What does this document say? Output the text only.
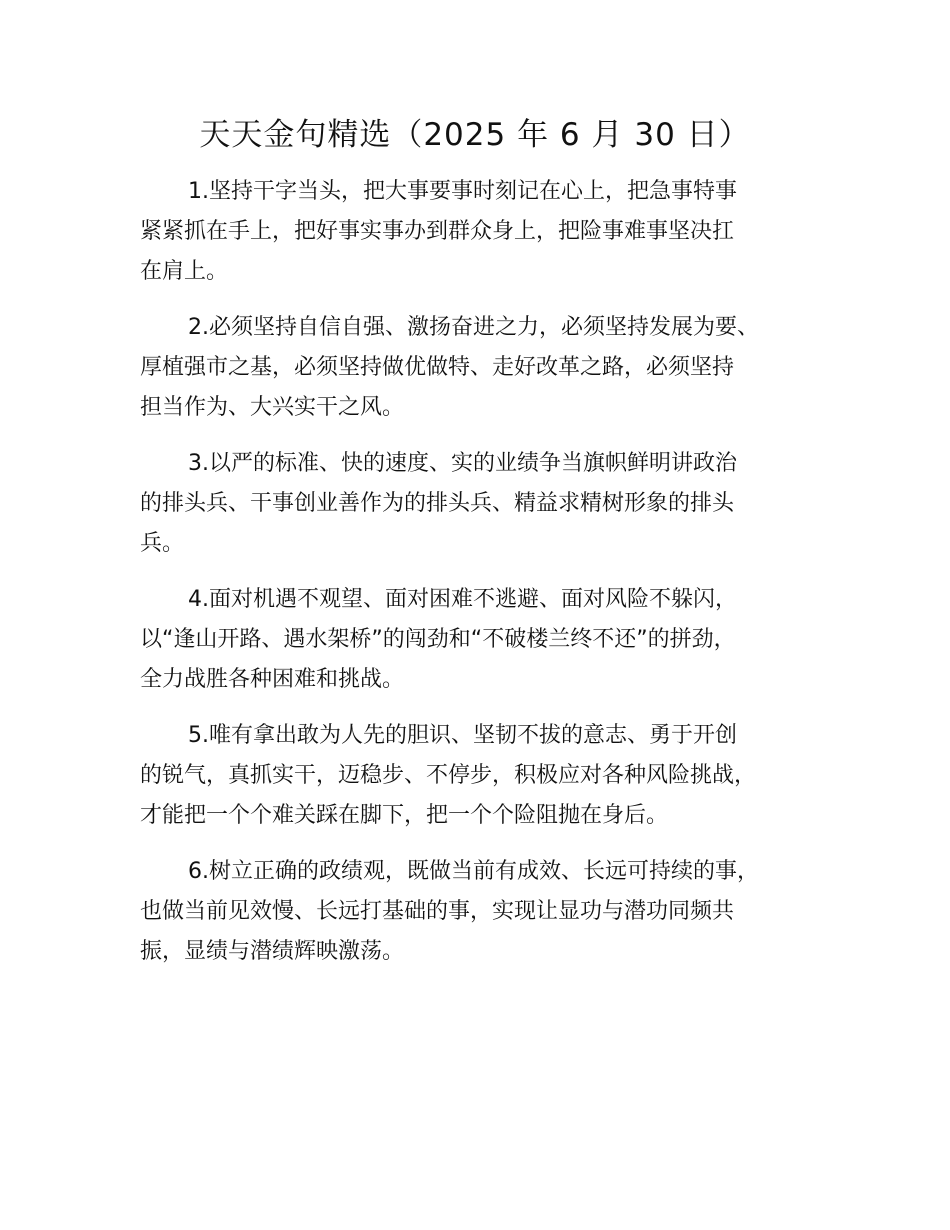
天天金句精选（2025 年 6 月 30 日）

1.坚持干字当头，把大事要事时刻记在心上，把急事特事
紧紧抓在手上，把好事实事办到群众身上，把险事难事坚决扛
在肩上。

2.必须坚持自信自强、激扬奋进之力，必须坚持发展为要、
厚植强市之基，必须坚持做优做特、走好改革之路，必须坚持
担当作为、大兴实干之风。

3.以严的标准、快的速度、实的业绩争当旗帜鲜明讲政治
的排头兵、干事创业善作为的排头兵、精益求精树形象的排头
兵。

4.面对机遇不观望、面对困难不逃避、面对风险不躲闪，
以“逢山开路、遇水架桥”的闯劲和“不破楼兰终不还”的拼劲，
全力战胜各种困难和挑战。

5.唯有拿出敢为人先的胆识、坚韧不拔的意志、勇于开创
的锐气，真抓实干，迈稳步、不停步，积极应对各种风险挑战，
才能把一个个难关踩在脚下，把一个个险阻抛在身后。

6.树立正确的政绩观，既做当前有成效、长远可持续的事，
也做当前见效慢、长远打基础的事，实现让显功与潜功同频共
振，显绩与潜绩辉映激荡。
